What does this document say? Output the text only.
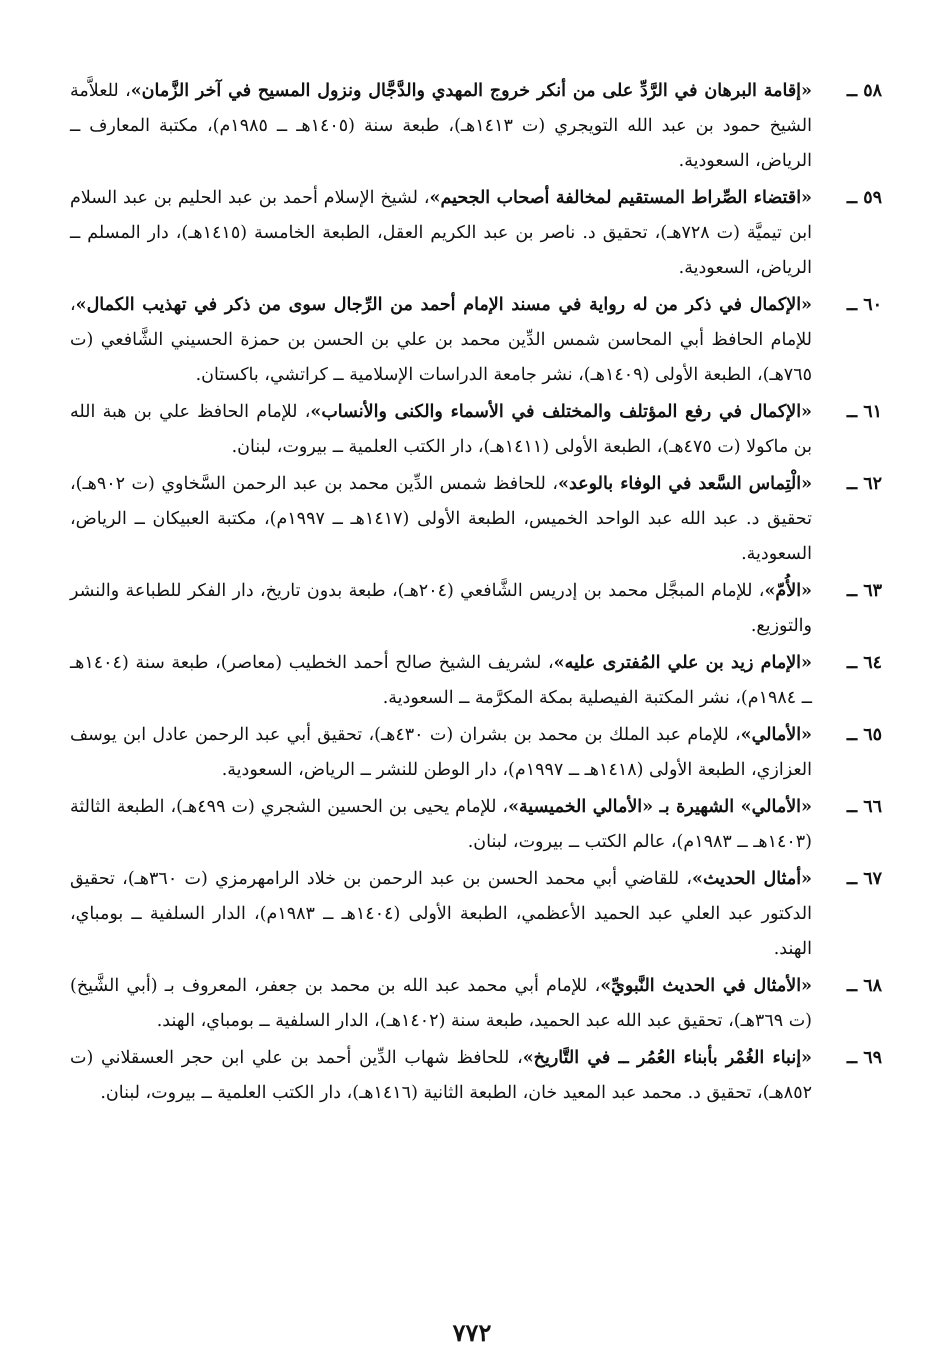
٥٨ ــ
«إقامة البرهان في الرَّدِّ على من أنكر خروج المهدي والدَّجَّال ونزول المسيح في آخر الزَّمان»، للعلاَّمة الشيخ حمود بن عبد الله التويجري (ت ١٤١٣هـ)، طبعة سنة (١٤٠٥هـ ــ ١٩٨٥م)، مكتبة المعارف ــ الرياض، السعودية.
٥٩ ــ
«اقتضاء الصِّراط المستقيم لمخالفة أصحاب الجحيم»، لشيخ الإسلام أحمد بن عبد الحليم بن عبد السلام ابن تيميَّة (ت ٧٢٨هـ)، تحقيق د. ناصر بن عبد الكريم العقل، الطبعة الخامسة (١٤١٥هـ)، دار المسلم ــ الرياض، السعودية.
٦٠ ــ
«الإكمال في ذكر من له رواية في مسند الإمام أحمد من الرِّجال سوى من ذكر في تهذيب الكمال»، للإمام الحافظ أبي المحاسن شمس الدِّين محمد بن علي بن الحسن بن حمزة الحسيني الشَّافعي (ت ٧٦٥هـ)، الطبعة الأولى (١٤٠٩هـ)، نشر جامعة الدراسات الإسلامية ــ كراتشي، باكستان.
٦١ ــ
«الإكمال في رفع المؤتلف والمختلف في الأسماء والكنى والأنساب»، للإمام الحافظ علي بن هبة الله بن ماكولا (ت ٤٧٥هـ)، الطبعة الأولى (١٤١١هـ)، دار الكتب العلمية ــ بيروت، لبنان.
٦٢ ــ
«الْتِماس السَّعد في الوفاء بالوعد»، للحافظ شمس الدِّين محمد بن عبد الرحمن السَّخاوي (ت ٩٠٢هـ)، تحقيق د. عبد الله عبد الواحد الخميس، الطبعة الأولى (١٤١٧هـ ــ ١٩٩٧م)، مكتبة العبيكان ــ الرياض، السعودية.
٦٣ ــ
«الأُمّ»، للإمام المبجَّل محمد بن إدريس الشَّافعي (٢٠٤هـ)، طبعة بدون تاريخ، دار الفكر للطباعة والنشر والتوزيع.
٦٤ ــ
«الإمام زيد بن علي المُفترى عليه»، لشريف الشيخ صالح أحمد الخطيب (معاصر)، طبعة سنة (١٤٠٤هـ ــ ١٩٨٤م)، نشر المكتبة الفيصلية بمكة المكرَّمة ــ السعودية.
٦٥ ــ
«الأمالي»، للإمام عبد الملك بن محمد بن بشران (ت ٤٣٠هـ)، تحقيق أبي عبد الرحمن عادل ابن يوسف العزازي، الطبعة الأولى (١٤١٨هـ ــ ١٩٩٧م)، دار الوطن للنشر ــ الرياض، السعودية.
٦٦ ــ
«الأمالي» الشهيرة بـ «الأمالي الخميسية»، للإمام يحيى بن الحسين الشجري (ت ٤٩٩هـ)، الطبعة الثالثة (١٤٠٣هـ ــ ١٩٨٣م)، عالم الكتب ــ بيروت، لبنان.
٦٧ ــ
«أمثال الحديث»، للقاضي أبي محمد الحسن بن عبد الرحمن بن خلاد الرامهرمزي (ت ٣٦٠هـ)، تحقيق الدكتور عبد العلي عبد الحميد الأعظمي، الطبعة الأولى (١٤٠٤هـ ــ ١٩٨٣م)، الدار السلفية ــ بومباي، الهند.
٦٨ ــ
«الأمثال في الحديث النَّبويِّ»، للإمام أبي محمد عبد الله بن محمد بن جعفر، المعروف بـ (أبي الشَّيخ) (ت ٣٦٩هـ)، تحقيق عبد الله عبد الحميد، طبعة سنة (١٤٠٢هـ)، الدار السلفية ــ بومباي، الهند.
٦٩ ــ
«إنباء الغُمْر بأبناء العُمُر ــ في التَّاريخ»، للحافظ شهاب الدِّين أحمد بن علي ابن حجر العسقلاني (ت ٨٥٢هـ)، تحقيق د. محمد عبد المعيد خان، الطبعة الثانية (١٤١٦هـ)، دار الكتب العلمية ــ بيروت، لبنان.
٧٧٢
